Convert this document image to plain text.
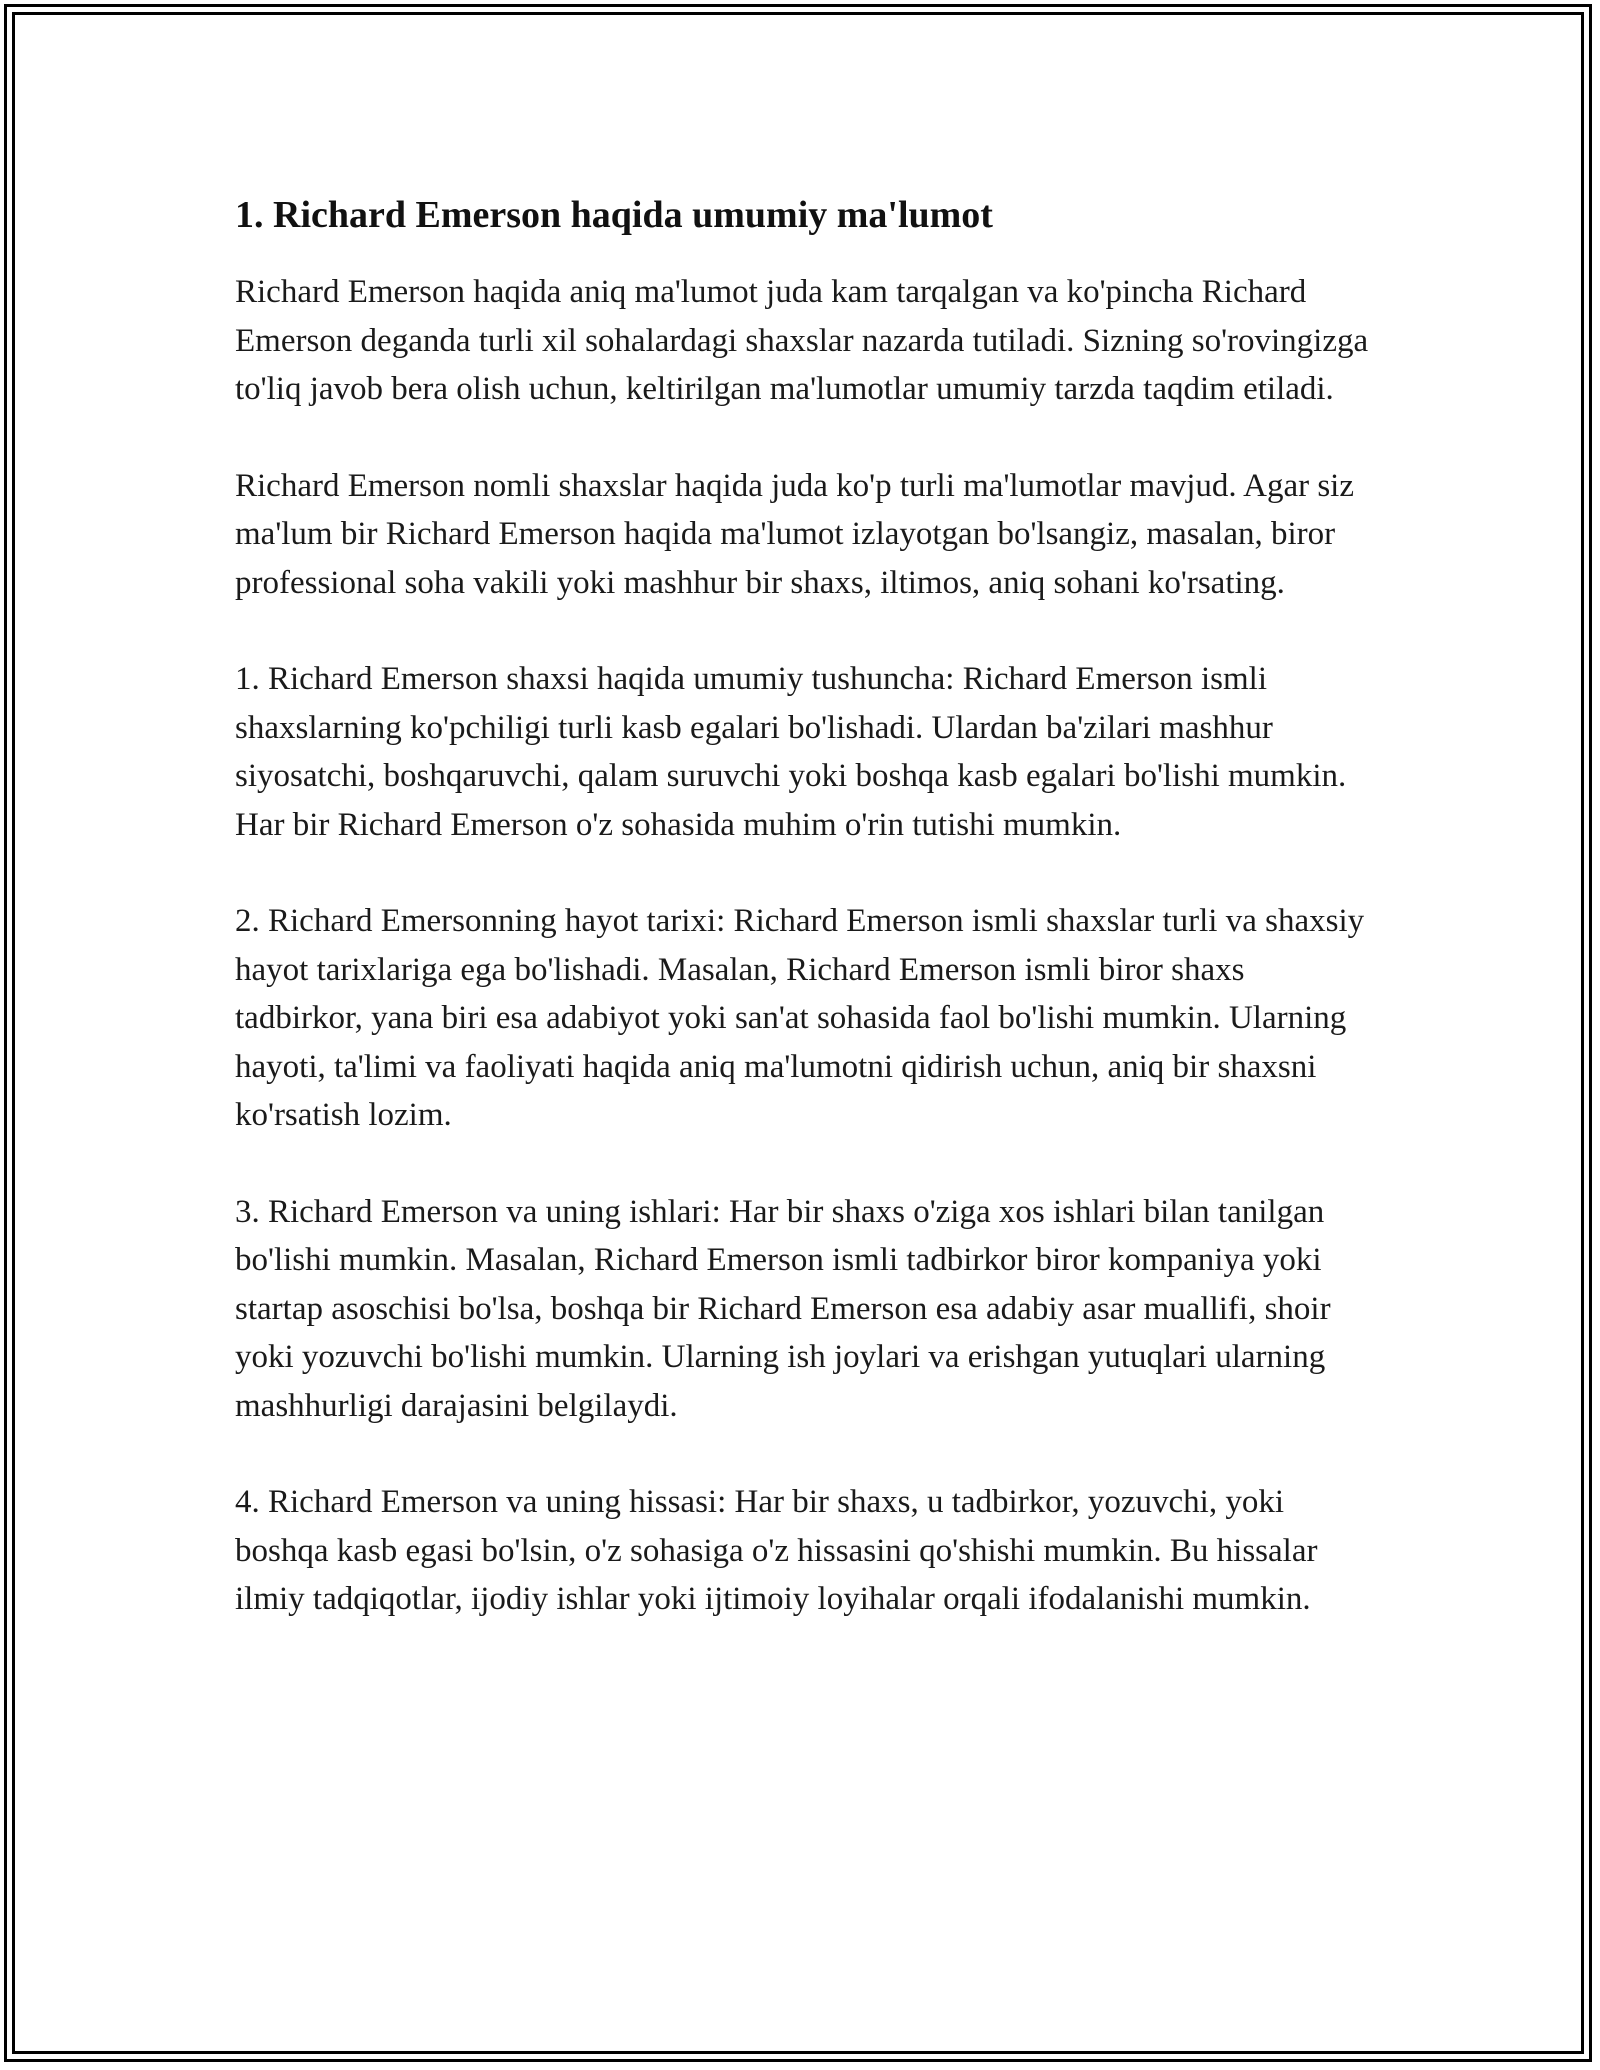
1. Richard Emerson haqida umumiy ma'lumot

Richard Emerson haqida aniq ma'lumot juda kam tarqalgan va ko'pincha Richard Emerson deganda turli xil sohalardagi shaxslar nazarda tutiladi. Sizning so'rovingizga to'liq javob bera olish uchun, keltirilgan ma'lumotlar umumiy tarzda taqdim etiladi.

Richard Emerson nomli shaxslar haqida juda ko'p turli ma'lumotlar mavjud. Agar siz ma'lum bir Richard Emerson haqida ma'lumot izlayotgan bo'lsangiz, masalan, biror professional soha vakili yoki mashhur bir shaxs, iltimos, aniq sohani ko'rsating.

1. Richard Emerson shaxsi haqida umumiy tushuncha: Richard Emerson ismli shaxslarning ko'pchiligi turli kasb egalari bo'lishadi. Ulardan ba'zilari mashhur siyosatchi, boshqaruvchi, qalam suruvchi yoki boshqa kasb egalari bo'lishi mumkin. Har bir Richard Emerson o'z sohasida muhim o'rin tutishi mumkin.

2. Richard Emersonning hayot tarixi: Richard Emerson ismli shaxslar turli va shaxsiy hayot tarixlariga ega bo'lishadi. Masalan, Richard Emerson ismli biror shaxs tadbirkor, yana biri esa adabiyot yoki san'at sohasida faol bo'lishi mumkin. Ularning hayoti, ta'limi va faoliyati haqida aniq ma'lumotni qidirish uchun, aniq bir shaxsni ko'rsatish lozim.

3. Richard Emerson va uning ishlari: Har bir shaxs o'ziga xos ishlari bilan tanilgan bo'lishi mumkin. Masalan, Richard Emerson ismli tadbirkor biror kompaniya yoki startap asoschisi bo'lsa, boshqa bir Richard Emerson esa adabiy asar muallifi, shoir yoki yozuvchi bo'lishi mumkin. Ularning ish joylari va erishgan yutuqlari ularning mashhurligi darajasini belgilaydi.

4. Richard Emerson va uning hissasi: Har bir shaxs, u tadbirkor, yozuvchi, yoki boshqa kasb egasi bo'lsin, o'z sohasiga o'z hissasini qo'shishi mumkin. Bu hissalar ilmiy tadqiqotlar, ijodiy ishlar yoki ijtimoiy loyihalar orqali ifodalanishi mumkin.
